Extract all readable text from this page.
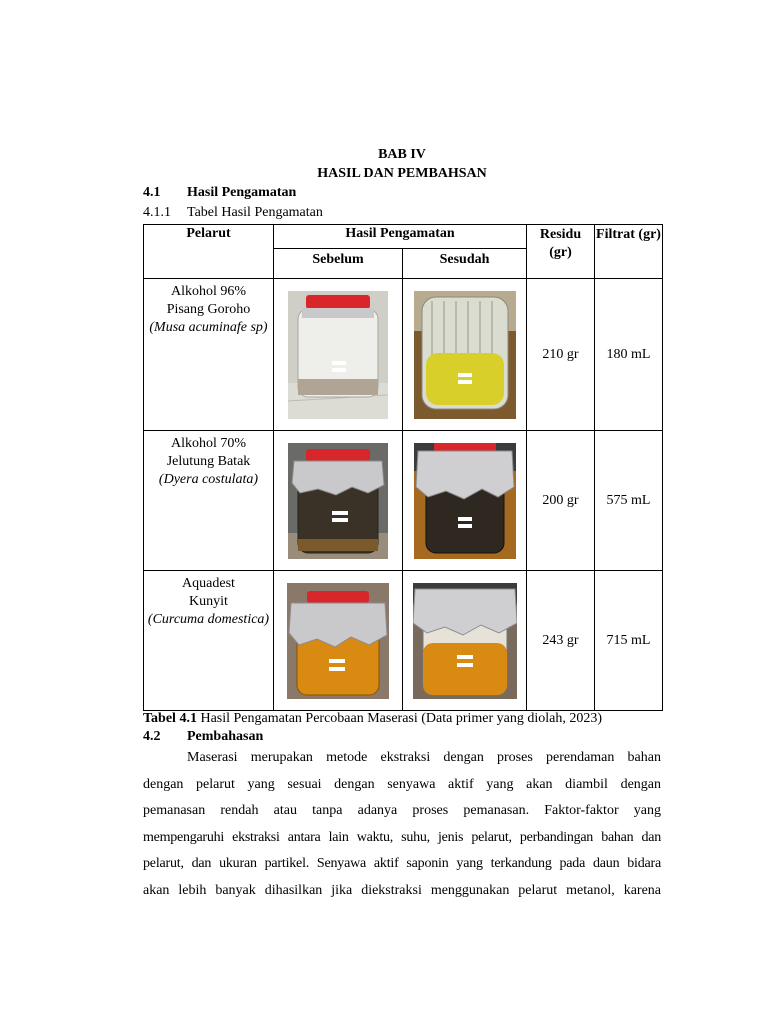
BAB IV
HASIL DAN PEMBAHSAN
4.1 Hasil Pengamatan
4.1.1 Tabel Hasil Pengamatan
Pelarut	Hasil Pengamatan		Residu (gr)	Filtrat (gr)
	Sebelum	Sesudah		

Alkohol 96%
Pisang Goroho
(Musa acuminafe sp)			210 gr	180 mL

Alkohol 70%
Jelutung Batak
(Dyera costulata)			200 gr	575 mL

Aquadest
Kunyit
(Curcuma domestica)			243 gr	715 mL
Tabel 4.1 Hasil Pengamatan Percobaan Maserasi (Data primer yang diolah, 2023)
4.2 Pembahasan
Maserasi merupakan metode ekstraksi dengan proses perendaman bahan
dengan pelarut yang sesuai dengan senyawa aktif yang akan diambil dengan
pemanasan rendah atau tanpa adanya proses pemanasan. Faktor-faktor yang
mempengaruhi ekstraksi antara lain waktu, suhu, jenis pelarut, perbandingan bahan dan
pelarut, dan ukuran partikel. Senyawa aktif saponin yang terkandung pada daun bidara
akan lebih banyak dihasilkan jika diekstraksi menggunakan pelarut metanol, karena
